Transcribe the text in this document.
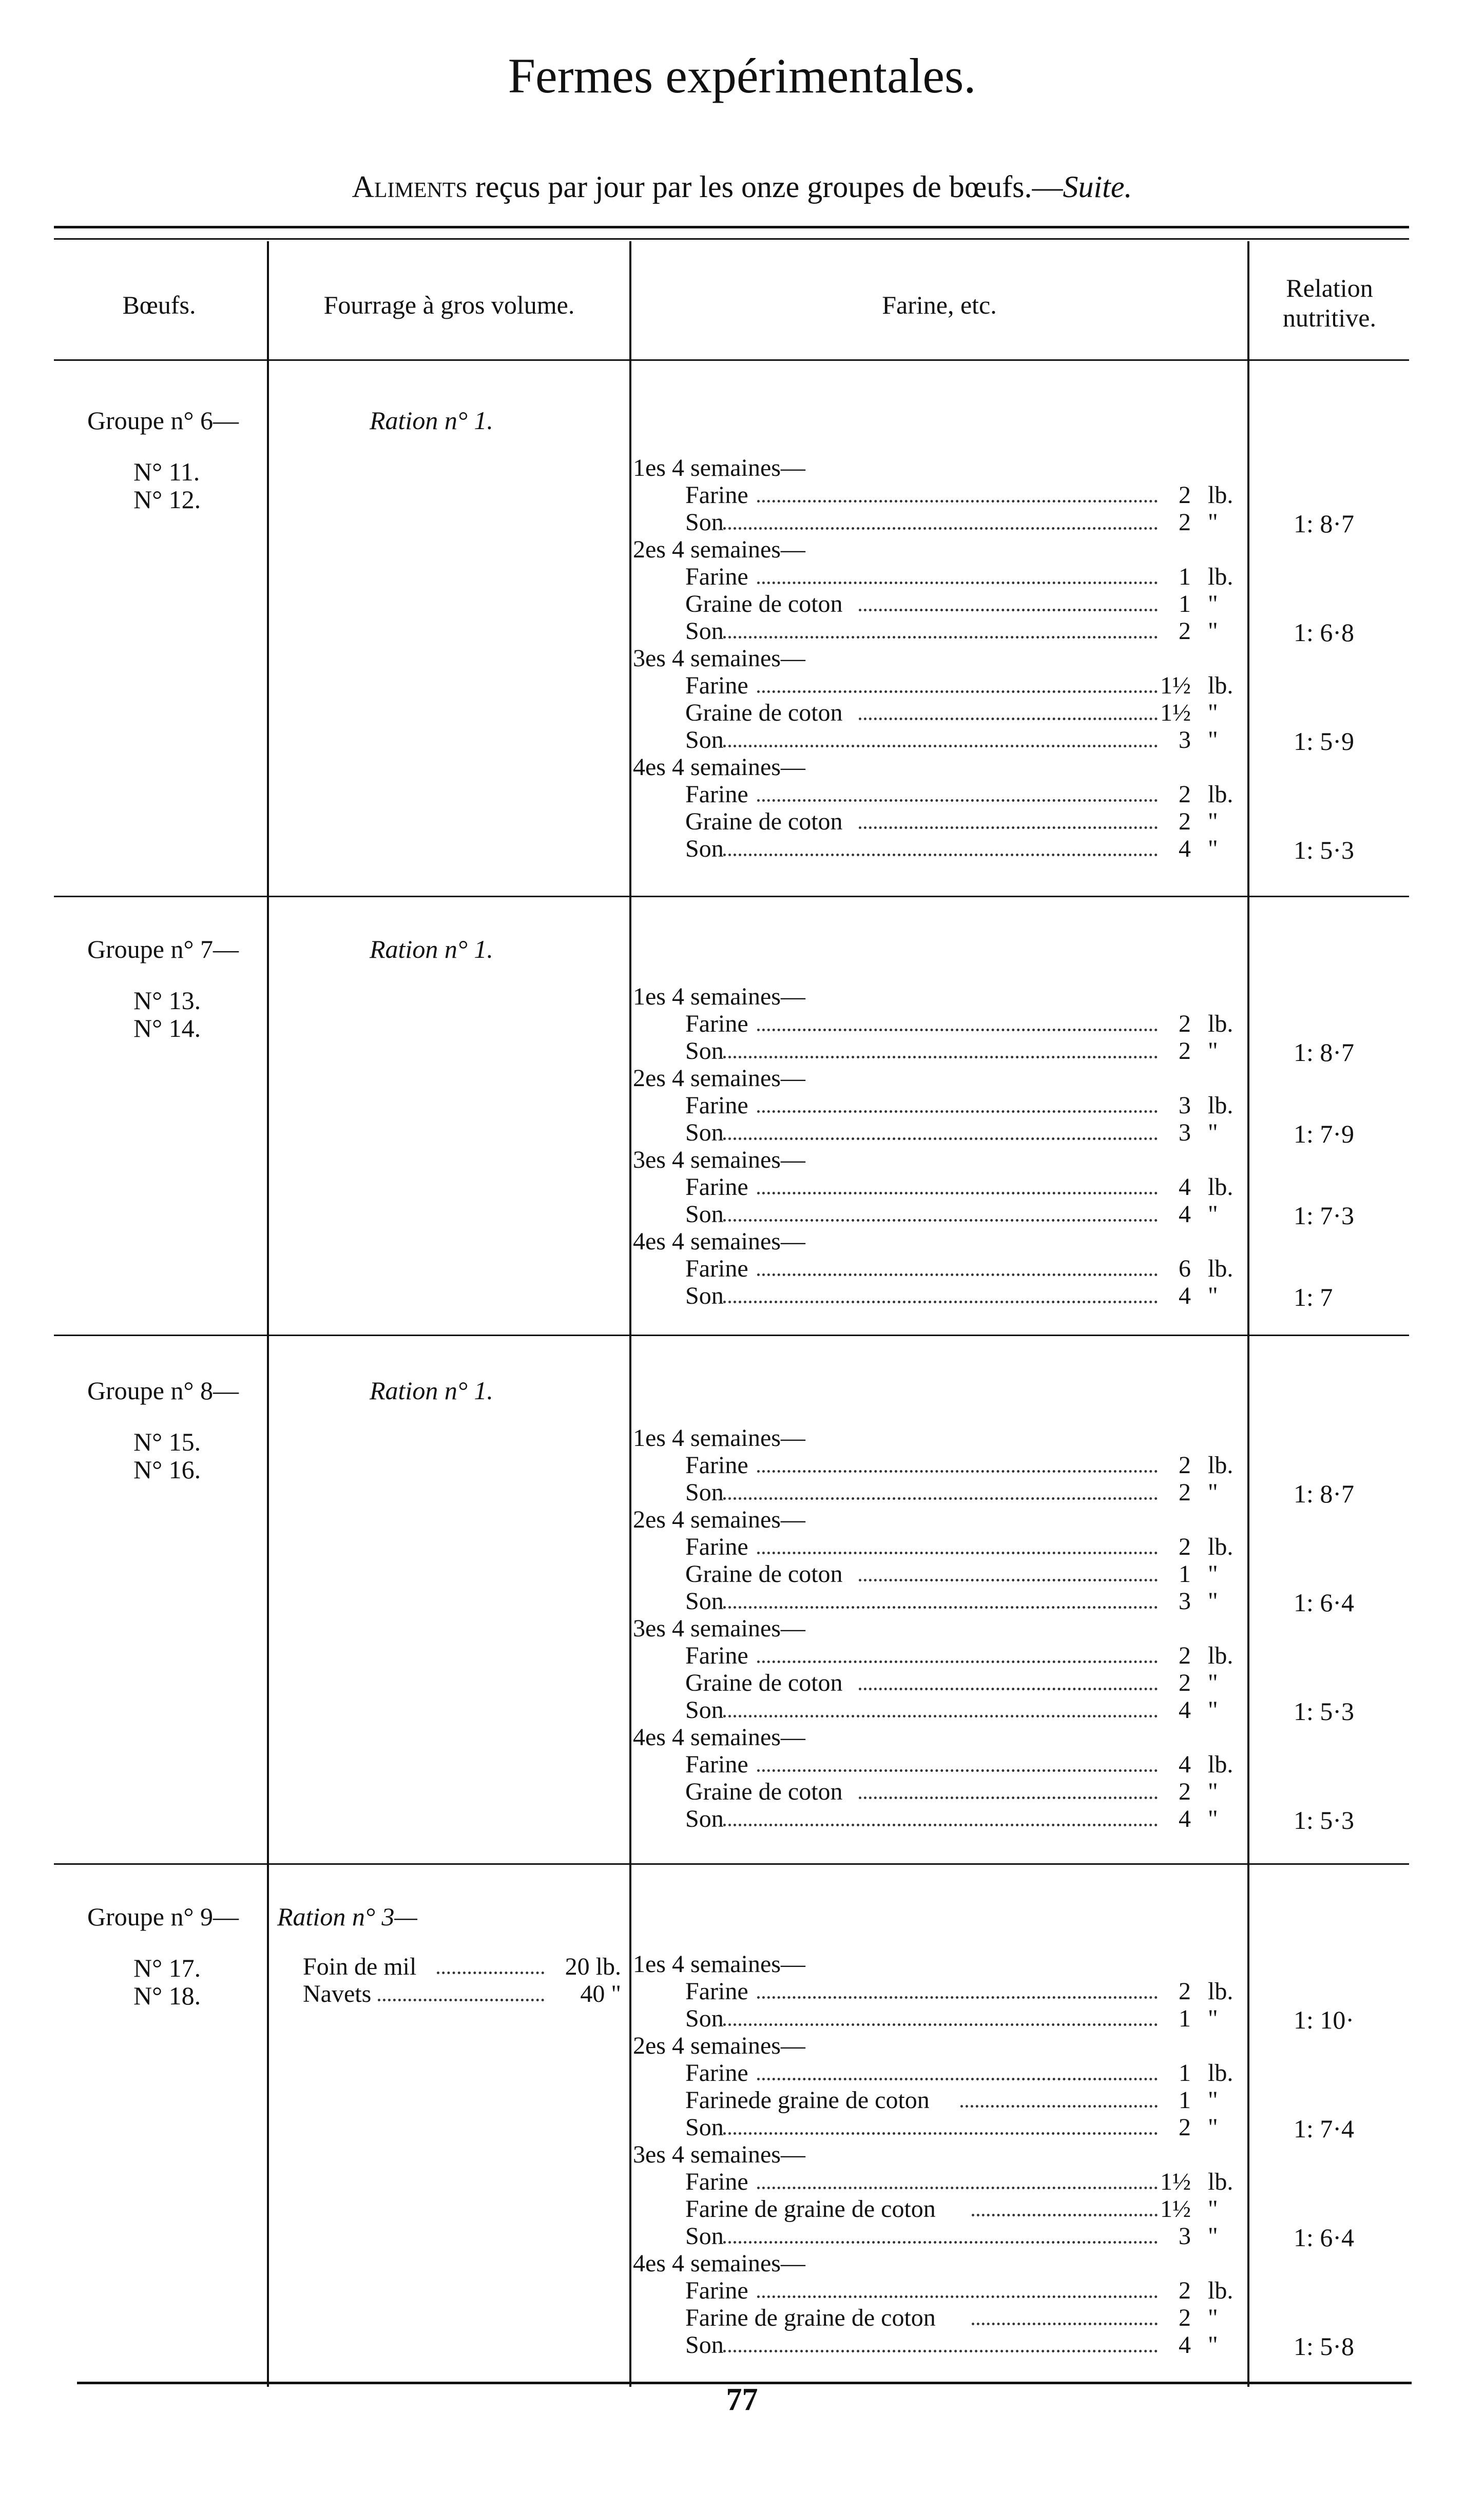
Fermes expérimentales.
Aliments reçus par jour par les onze groupes de bœufs.—Suite.
Bœufs.	Fourrage à gros volume.	Farine, etc.
Relation
nutritive.
77
Groupe n° 6—
N° 11.
N° 12.
Ration n° 1.
1es 4 semaines—
Farine	2 lb.
Son	2 "	1: 8·7
2es 4 semaines—
Farine	1 lb.
Graine de coton	1 "
Son	2 "	1: 6·8
3es 4 semaines—
Farine	1½ lb.
Graine de coton	1½ "
Son	3 "	1: 5·9
4es 4 semaines—
Farine	2 lb.
Graine de coton	2 "
Son	4 "	1: 5·3
Groupe n° 7—
N° 13.
N° 14.
Ration n° 1.
1es 4 semaines—
Farine	2 lb.
Son	2 "	1: 8·7
2es 4 semaines—
Farine	3 lb.
Son	3 "	1: 7·9
3es 4 semaines—
Farine	4 lb.
Son	4 "	1: 7·3
4es 4 semaines—
Farine	6 lb.
Son	4 "	1: 7
Groupe n° 8—
N° 15.
N° 16.
Ration n° 1.
1es 4 semaines—
Farine	2 lb.
Son	2 "	1: 8·7
2es 4 semaines—
Farine	2 lb.
Graine de coton	1 "
Son	3 "	1: 6·4
3es 4 semaines—
Farine	2 lb.
Graine de coton	2 "
Son	4 "	1: 5·3
4es 4 semaines—
Farine	4 lb.
Graine de coton	2 "
Son	4 "	1: 5·3
Groupe n° 9—
N° 17.
N° 18.
Ration n° 3—
Foin de mil	20 lb.
Navets	40 "
1es 4 semaines—
Farine	2 lb.
Son	1 "	1: 10·
2es 4 semaines—
Farine	1 lb.
Farinede graine de coton	1 "
Son	2 "	1: 7·4
3es 4 semaines—
Farine	1½ lb.
Farine de graine de coton	1½ "
Son	3 "	1: 6·4
4es 4 semaines—
Farine	2 lb.
Farine de graine de coton	2 "
Son	4 "	1: 5·8
